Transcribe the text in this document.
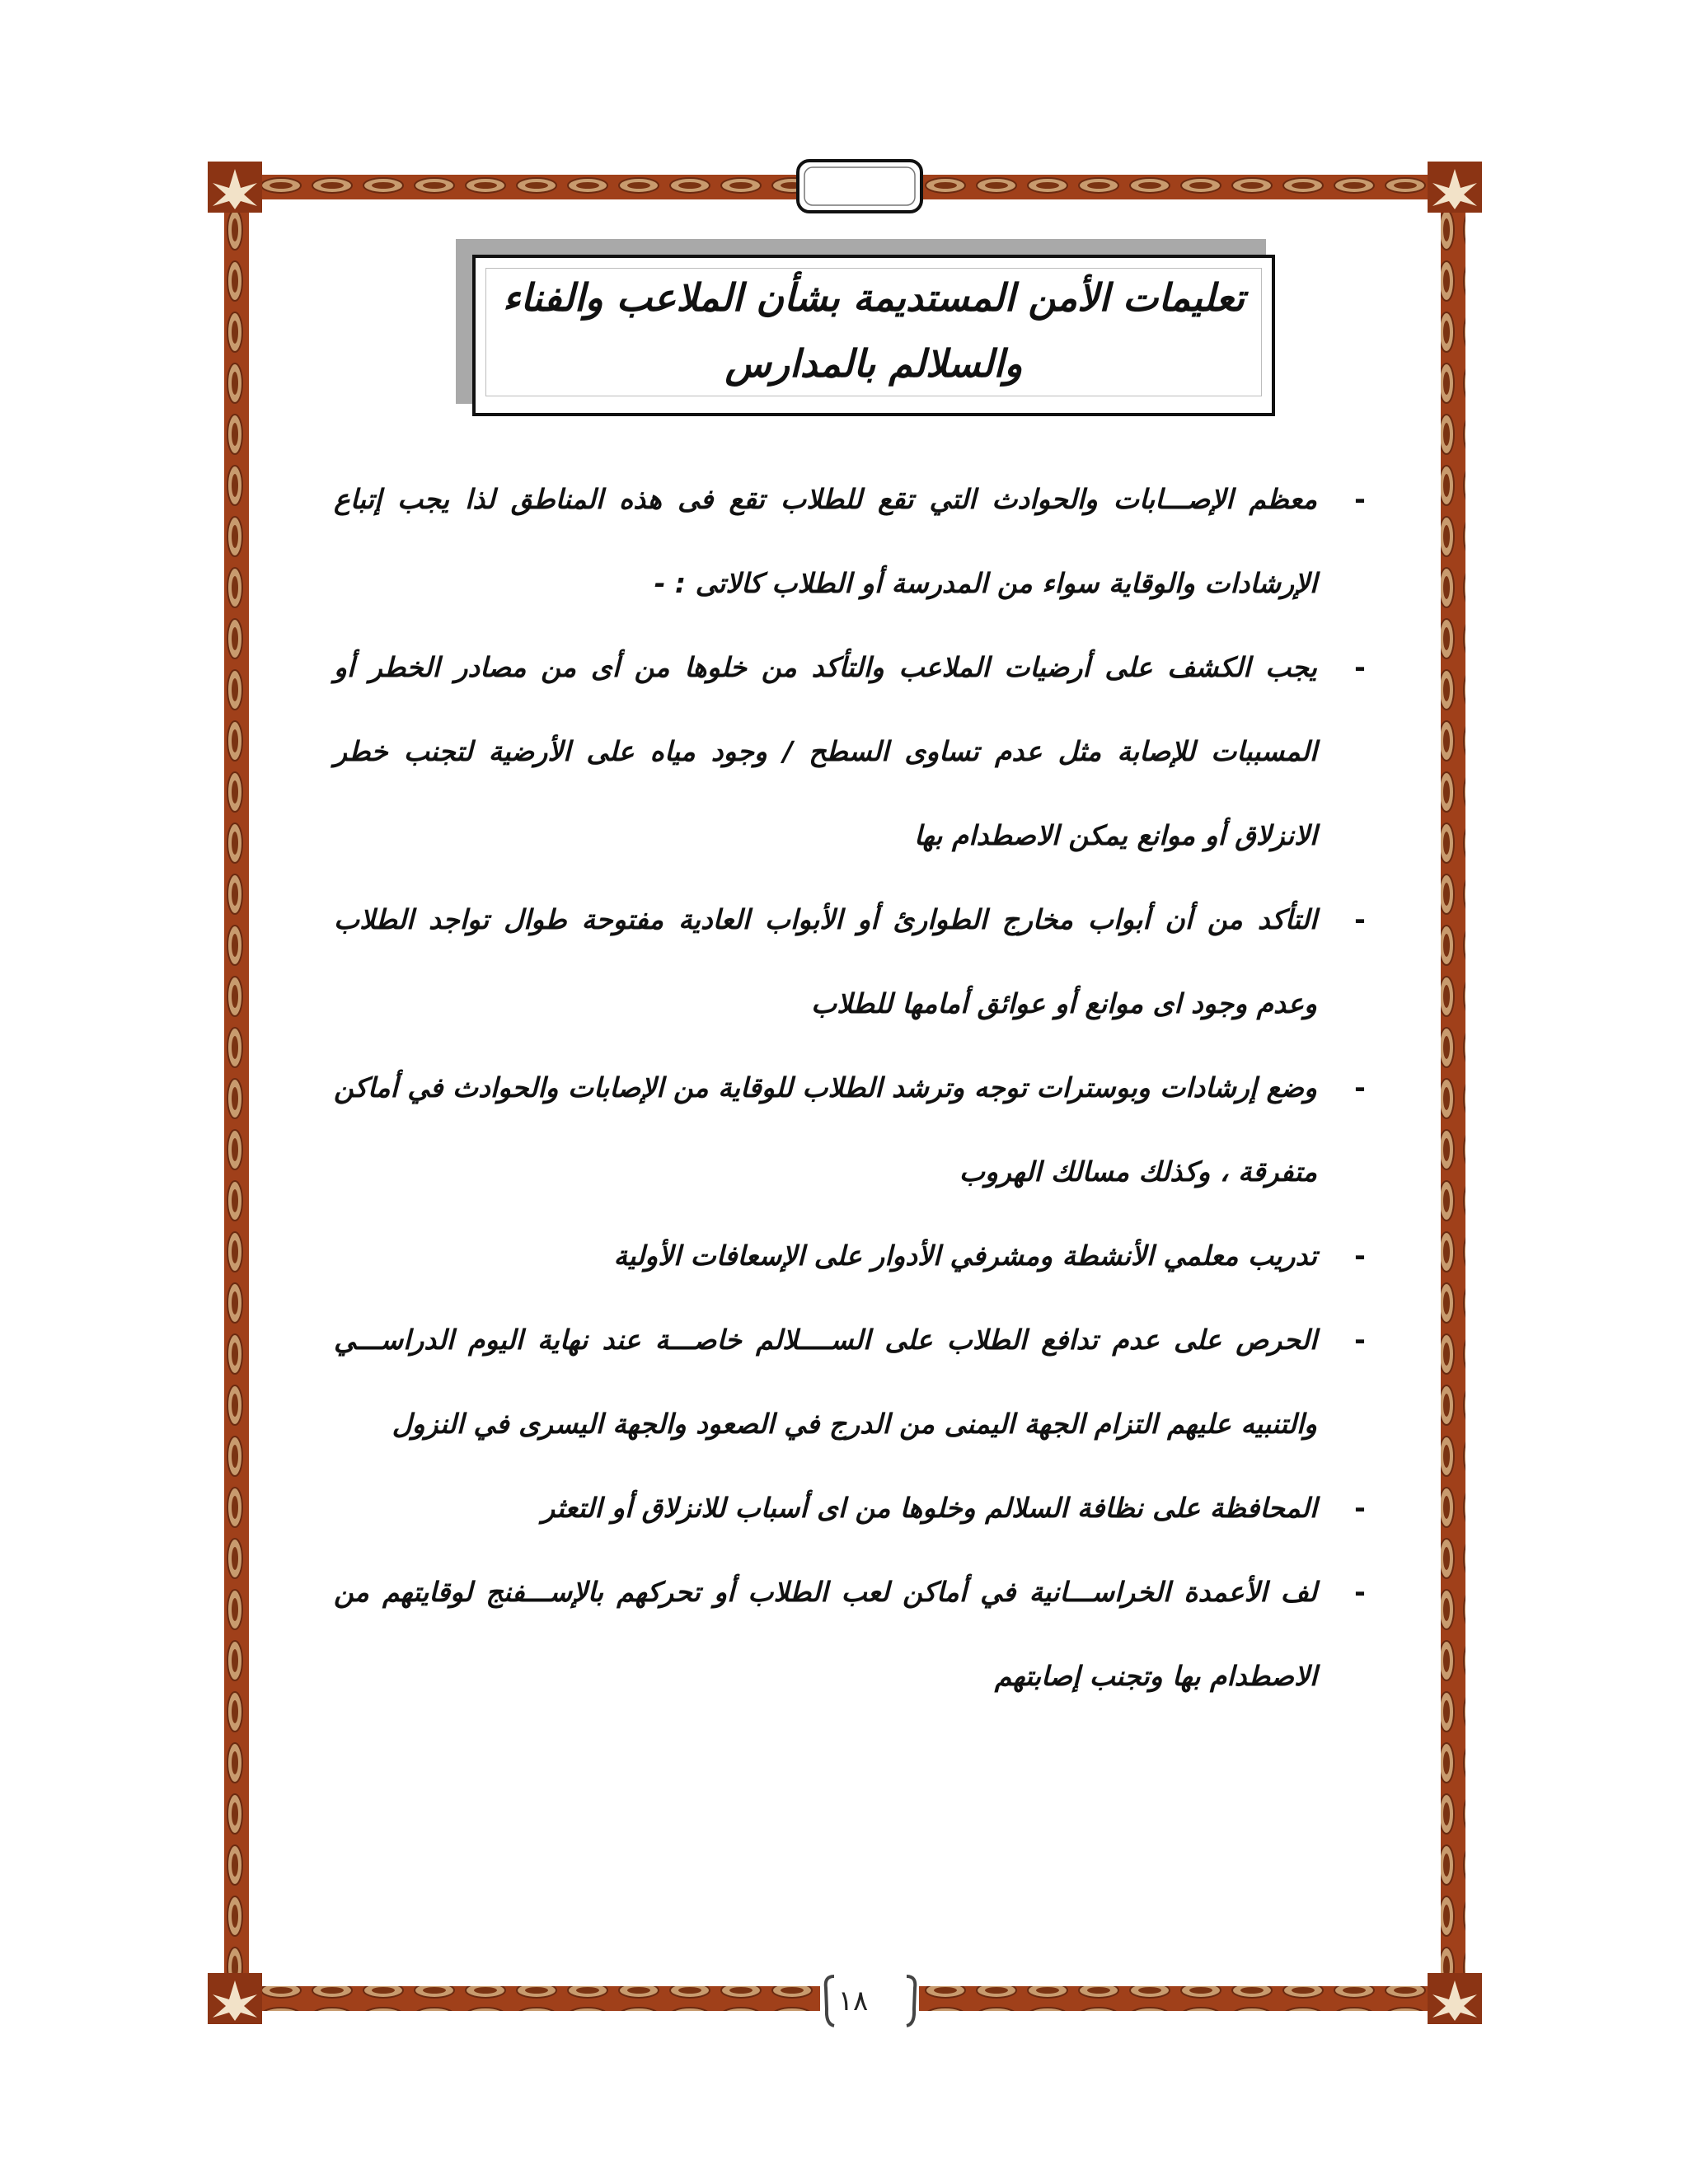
تعليمات الأمن المستديمة بشأن الملاعب والفناء
والسلالم بالمدارس
-
معظم الإصـــابات والحوادث التي تقع للطلاب تقع فى هذه المناطق لذا يجب إتباع الإرشادات والوقاية سواء من المدرسة أو الطلاب كالاتى : -
-
يجب الكشف على أرضيات الملاعب والتأكد من خلوها من أى من مصادر الخطر أو المسببات للإصابة مثل عدم تساوى السطح / وجود مياه على الأرضية لتجنب خطر الانزلاق أو موانع يمكن الاصطدام بها
-
التأكد من أن أبواب مخارج الطوارئ أو الأبواب العادية مفتوحة طوال تواجد الطلاب وعدم وجود اى موانع أو عوائق أمامها للطلاب
-
وضع إرشادات وبوسترات توجه وترشد الطلاب للوقاية من الإصابات والحوادث في أماكن متفرقة ، وكذلك مسالك الهروب
-
تدريب معلمي الأنشطة ومشرفي الأدوار على الإسعافات الأولية
-
الحرص على عدم تدافع الطلاب على الســــلالم خاصـــة عند نهاية اليوم الدراســـي والتنبيه عليهم التزام الجهة اليمنى من الدرج في الصعود والجهة اليسرى في النزول
-
المحافظة على نظافة السلالم وخلوها من اى أسباب للانزلاق أو التعثر
-
لف الأعمدة الخراســـانية في أماكن لعب الطلاب أو تحركهم بالإســـفنج لوقايتهم من الاصطدام بها وتجنب إصابتهم
١٨
